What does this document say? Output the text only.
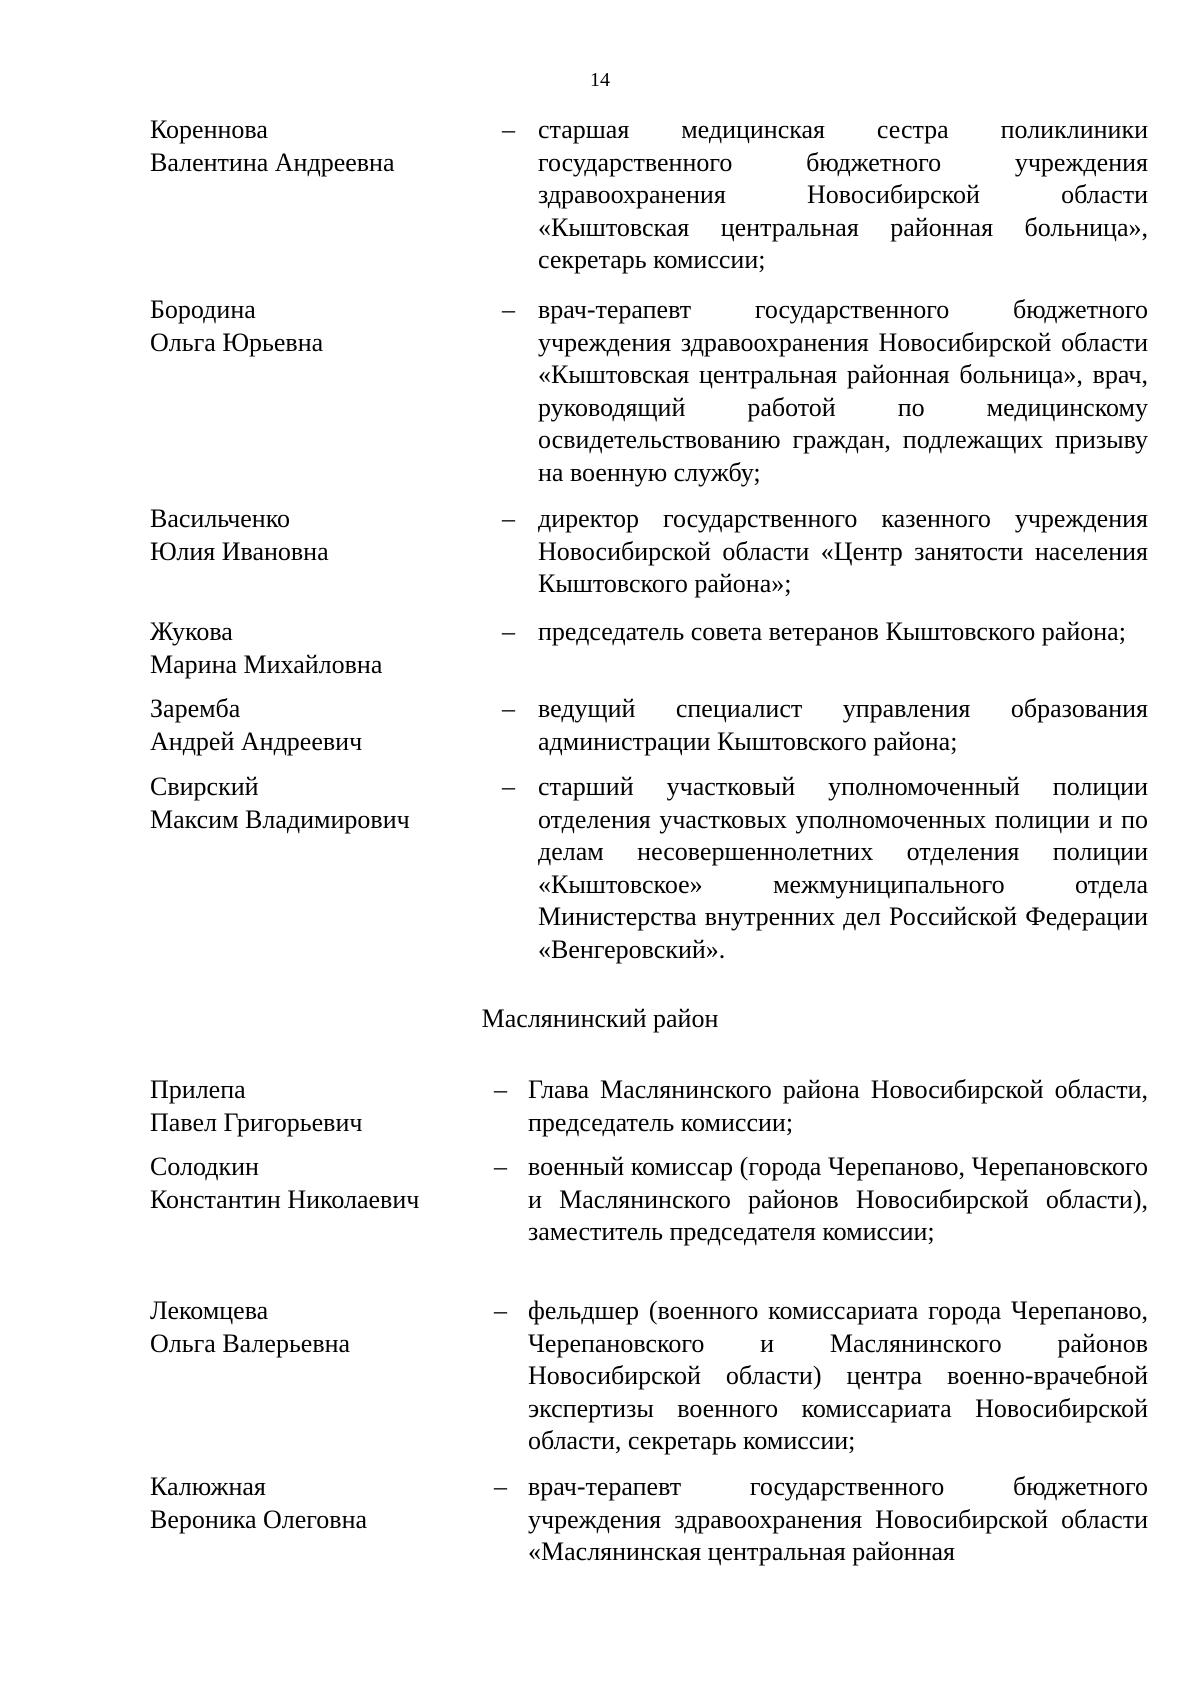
14
Кореннова
Валентина Андреевна
– старшая медицинская сестра поликлиники государственного бюджетного учреждения здравоохранения Новосибирской области «Кыштовская центральная районная больница», секретарь комиссии;
Бородина
Ольга Юрьевна
– врач-терапевт государственного бюджетного учреждения здравоохранения Новосибирской области «Кыштовская центральная районная больница», врач, руководящий работой по медицинскому освидетельствованию граждан, подлежащих призыву на военную службу;
Васильченко
Юлия Ивановна
– директор государственного казенного учреждения Новосибирской области «Центр занятости населения Кыштовского района»;
Жукова
Марина Михайловна
– председатель совета ветеранов Кыштовского района;
Заремба
Андрей Андреевич
– ведущий специалист управления образования администрации Кыштовского района;
Свирский
Максим Владимирович
– старший участковый уполномоченный полиции отделения участковых уполномоченных полиции и по делам несовершеннолетних отделения полиции «Кыштовское» межмуниципального отдела Министерства внутренних дел Российской Федерации «Венгеровский».
Маслянинский район
Прилепа
Павел Григорьевич
– Глава Маслянинского района Новосибирской области, председатель комиссии;
Солодкин
Константин Николаевич
– военный комиссар (города Черепаново, Черепановского и Маслянинского районов Новосибирской области), заместитель председателя комиссии;
Лекомцева
Ольга Валерьевна
– фельдшер (военного комиссариата города Черепаново, Черепановского и Маслянинского районов Новосибирской области) центра военно-врачебной экспертизы военного комиссариата Новосибирской области, секретарь комиссии;
Калюжная
Вероника Олеговна
– врач-терапевт государственного бюджетного учреждения здравоохранения Новосибирской области «Маслянинская центральная районная
